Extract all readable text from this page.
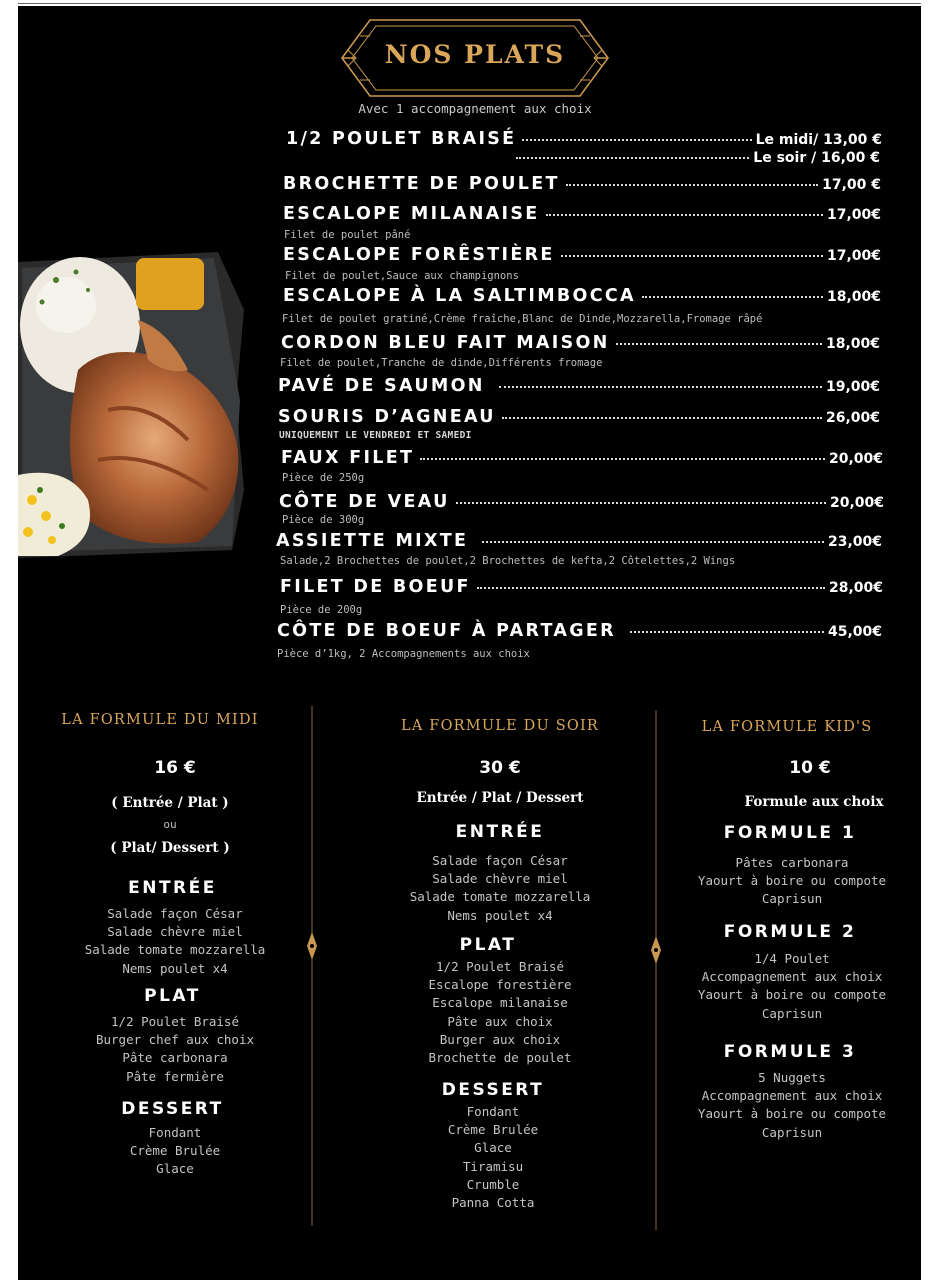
NOS PLATS
Avec 1 accompagnement aux choix
1/2 POULET BRAISÉ	Le midi/ 13,00 €
Le soir / 16,00 €
BROCHETTE DE POULET	17,00 €
ESCALOPE MILANAISE	17,00€
Filet de poulet pâné
ESCALOPE FORÊSTIÈRE	17,00€
Filet de poulet,Sauce aux champignons
ESCALOPE À LA SALTIMBOCCA	18,00€
Filet de poulet gratiné,Crème fraîche,Blanc de Dinde,Mozzarella,Fromage râpé
CORDON BLEU FAIT MAISON	18,00€
Filet de poulet,Tranche de dinde,Différents fromage
PAVÉ DE SAUMON	19,00€
SOURIS D’AGNEAU	26,00€
UNIQUEMENT LE VENDREDI ET SAMEDI
FAUX FILET	20,00€
Pièce de 250g
CÔTE DE VEAU	20,00€
Pièce de 300g
ASSIETTE MIXTE	23,00€
Salade,2 Brochettes de poulet,2 Brochettes de kefta,2 Côtelettes,2 Wings
FILET DE BOEUF	28,00€
Pièce de 200g
CÔTE DE BOEUF À PARTAGER	45,00€
Pièce d’1kg, 2 Accompagnements aux choix
LA FORMULE DU MIDI
16 €
( Entrée / Plat )
ou
( Plat/ Dessert )
ENTRÉE
Salade façon César
Salade chèvre miel
Salade tomate mozzarella
Nems poulet x4
PLAT
1/2 Poulet Braisé
Burger chef aux choix
Pâte carbonara
Pâte fermière
DESSERT
Fondant
Crème Brulée
Glace
LA FORMULE DU SOIR
30 €
Entrée / Plat / Dessert
ENTRÉE
Salade façon César
Salade chèvre miel
Salade tomate mozzarella
Nems poulet x4
PLAT
1/2 Poulet Braisé
Escalope forestière
Escalope milanaise
Pâte aux choix
Burger aux choix
Brochette de poulet
DESSERT
Fondant
Crème Brulée
Glace
Tiramisu
Crumble
Panna Cotta
LA FORMULE KID'S
10 €
Formule aux choix
FORMULE 1
Pâtes carbonara
Yaourt à boire ou compote
Caprisun
FORMULE 2
1/4 Poulet
Accompagnement aux choix
Yaourt à boire ou compote
Caprisun
FORMULE 3
5 Nuggets
Accompagnement aux choix
Yaourt à boire ou compote
Caprisun
